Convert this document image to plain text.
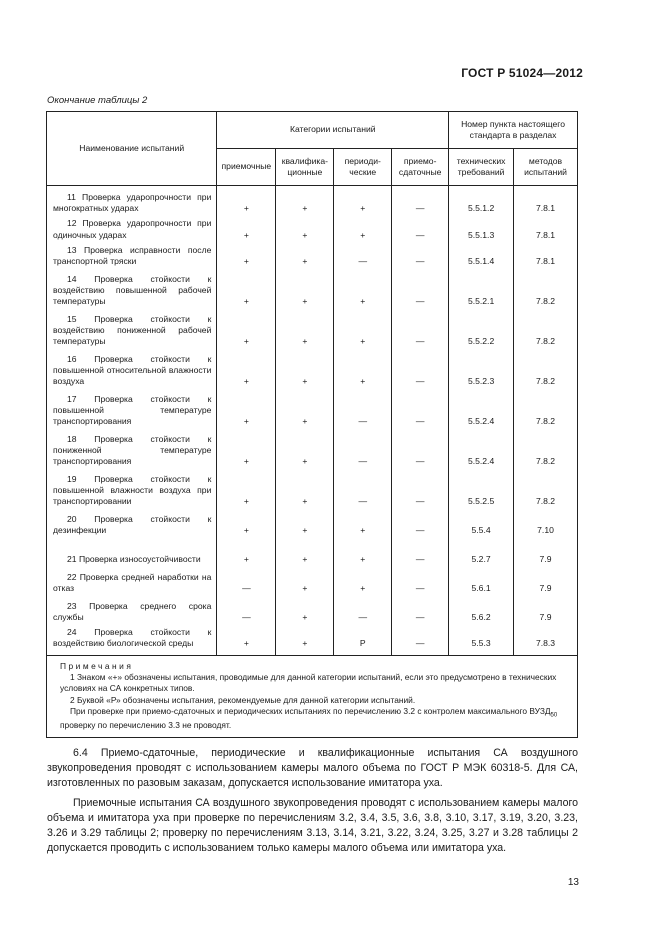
ГОСТ Р 51024—2012
Окончание таблицы 2
Наименование испытаний	Категории испытаний				Номер пункта настоящего стандарта в разделах	
	приемочные	квалифика-ционные	периоди-ческие	приемо-сдаточные	технических требований	методов испытаний
11 Проверка ударопрочности при многократных ударах	+	+	+	—	5.5.1.2	7.8.1
12 Проверка ударопрочности при одиночных ударах	+	+	+	—	5.5.1.3	7.8.1
13 Проверка исправности после транспортной тряски	+	+	—	—	5.5.1.4	7.8.1
14 Проверка стойкости к воздействию повышенной рабочей температуры	+	+	+	—	5.5.2.1	7.8.2
15 Проверка стойкости к воздействию пониженной рабочей температуры	+	+	+	—	5.5.2.2	7.8.2
16 Проверка стойкости к повышенной относительной влажности воздуха	+	+	+	—	5.5.2.3	7.8.2
17 Проверка стойкости к повышенной температуре транспортирования	+	+	—	—	5.5.2.4	7.8.2
18 Проверка стойкости к пониженной температуре транспортирования	+	+	—	—	5.5.2.4	7.8.2
19 Проверка стойкости к повышенной влажности воздуха при транспортировании	+	+	—	—	5.5.2.5	7.8.2
20 Проверка стойкости к дезинфекции	+	+	+	—	5.5.4	7.10
21 Проверка износоустойчивости	+	+	+	—	5.2.7	7.9
22 Проверка средней наработки на отказ	—	+	+	—	5.6.1	7.9
23 Проверка среднего срока службы	—	+	—	—	5.6.2	7.9
24 Проверка стойкости к воздействию биологической среды	+	+	Р	—	5.5.3	7.8.3

Примечания
1 Знаком «+» обозначены испытания, проводимые для данной категории испытаний, если это предусмотрено в технических условиях на СА конкретных типов.
2 Буквой «Р» обозначены испытания, рекомендуемые для данной категории испытаний.
При проверке при приемо-сдаточных и периодических испытаниях по перечислению 3.2 с контролем максимального $ВУЗД_{50}$ проверку по перечислению 3.3 не проводят.						

6.4 Приемо-сдаточные, периодические и квалификационные испытания СА воздушного звукопроведения проводят с использованием камеры малого объема по ГОСТ Р МЭК 60318-5. Для СА, изготовленных по разовым заказам, допускается использование имитатора уха.

Приемочные испытания СА воздушного звукопроведения проводят с использованием камеры малого объема и имитатора уха при проверке по перечислениям 3.2, 3.4, 3.5, 3.6, 3.8, 3.10, 3.17, 3.19, 3.20, 3.23, 3.26 и 3.29 таблицы 2; проверку по перечислениям 3.13, 3.14, 3.21, 3.22, 3.24, 3.25, 3.27 и 3.28 таблицы 2 допускается проводить с использованием только камеры малого объема или имитатора уха.

13
